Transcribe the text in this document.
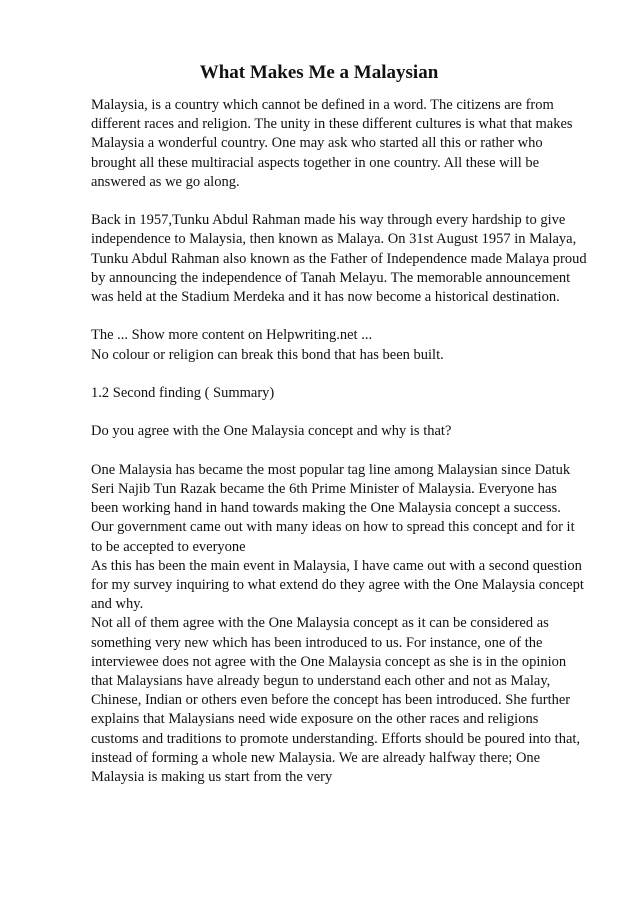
What Makes Me a Malaysian

Malaysia, is a country which cannot be defined in a word. The citizens are from
different races and religion. The unity in these different cultures is what that makes
Malaysia a wonderful country. One may ask who started all this or rather who
brought all these multiracial aspects together in one country. All these will be
answered as we go along.

Back in 1957,Tunku Abdul Rahman made his way through every hardship to give
independence to Malaysia, then known as Malaya. On 31st August 1957 in Malaya,
Tunku Abdul Rahman also known as the Father of Independence made Malaya proud
by announcing the independence of Tanah Melayu. The memorable announcement
was held at the Stadium Merdeka and it has now become a historical destination.

The ... Show more content on Helpwriting.net ...
No colour or religion can break this bond that has been built.

1.2 Second finding ( Summary)

Do you agree with the One Malaysia concept and why is that?

One Malaysia has became the most popular tag line among Malaysian since Datuk
Seri Najib Tun Razak became the 6th Prime Minister of Malaysia. Everyone has
been working hand in hand towards making the One Malaysia concept a success.
Our government came out with many ideas on how to spread this concept and for it
to be accepted to everyone
As this has been the main event in Malaysia, I have came out with a second question
for my survey inquiring to what extend do they agree with the One Malaysia concept
and why.
Not all of them agree with the One Malaysia concept as it can be considered as
something very new which has been introduced to us. For instance, one of the
interviewee does not agree with the One Malaysia concept as she is in the opinion
that Malaysians have already begun to understand each other and not as Malay,
Chinese, Indian or others even before the concept has been introduced. She further
explains that Malaysians need wide exposure on the other races and religions
customs and traditions to promote understanding. Efforts should be poured into that,
instead of forming a whole new Malaysia. We are already halfway there; One
Malaysia is making us start from the very
